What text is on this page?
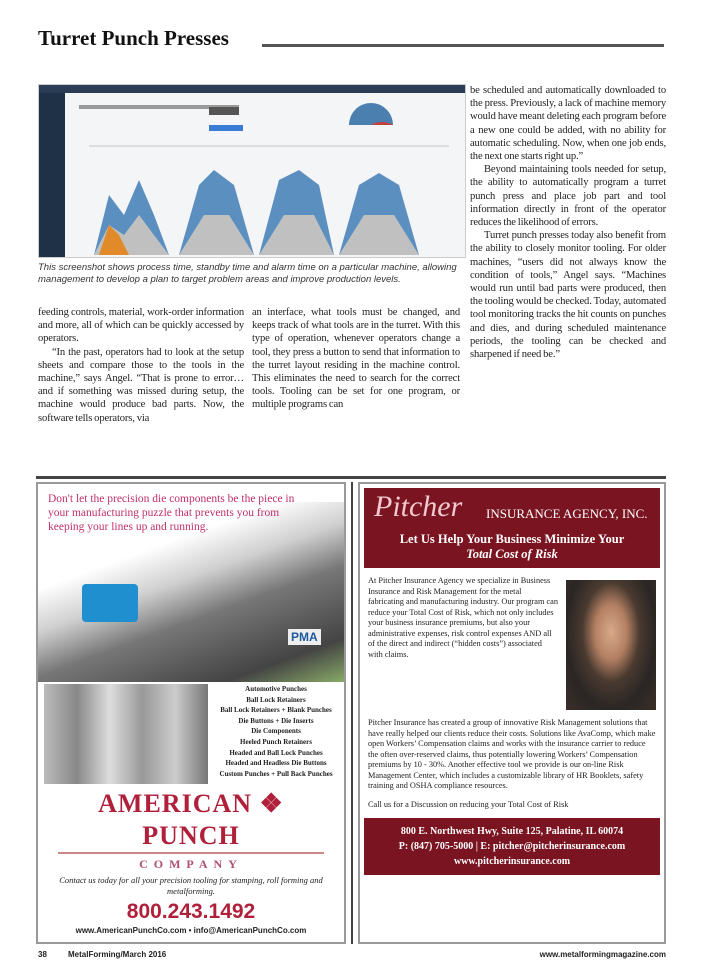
Turret Punch Presses
This screenshot shows process time, standby time and alarm time on a particular machine, allowing management to develop a plan to target problem areas and improve production levels.

feeding controls, material, work-order information and more, all of which can be quickly accessed by operators.

“In the past, operators had to look at the setup sheets and compare those to the tools in the machine,” says Angel. “That is prone to error…and if something was missed during setup, the machine would produce bad parts. Now, the software tells operators, via

an interface, what tools must be changed, and keeps track of what tools are in the turret. With this type of operation, whenever operators change a tool, they press a button to send that information to the turret layout residing in the machine control. This eliminates the need to search for the correct tools. Tooling can be set for one program, or multiple programs can

be scheduled and automatically downloaded to the press. Previously, a lack of machine memory would have meant deleting each program before a new one could be added, with no ability for automatic scheduling. Now, when one job ends, the next one starts right up.”

Beyond maintaining tools needed for setup, the ability to automatically program a turret punch press and place job part and tool information directly in front of the operator reduces the likelihood of errors.

Turret punch presses today also benefit from the ability to closely monitor tooling. For older machines, “users did not always know the condition of tools,” Angel says. “Machines would run until bad parts were produced, then the tooling would be checked. Today, automated tool monitoring tracks the hit counts on punches and dies, and during scheduled maintenance periods, the tooling can be checked and sharpened if need be.”

Don't let the precision die components be the piece in your manufacturing puzzle that prevents you from keeping your lines up and running.
PMA
Automotive Punches
Ball Lock Retainers
Ball Lock Retainers + Blank Punches
Die Buttons + Die Inserts
Die Components
Heeled Punch Retainers
Headed and Ball Lock Punches
Headed and Headless Die Buttons
Custom Punches + Pull Back Punches
AMERICAN ❖ PUNCH
COMPANY
Contact us today for all your precision tooling for stamping, roll forming and metalforming.
800.243.1492
www.AmericanPunchCo.com • info@AmericanPunchCo.com
Pitcher INSURANCE AGENCY, INC.
Let Us Help Your Business Minimize Your
Total Cost of Risk
At Pitcher Insurance Agency we specialize in Business Insurance and Risk Management for the metal fabricating and manufacturing industry. Our program can reduce your Total Cost of Risk, which not only includes your business insurance premiums, but also your administrative expenses, risk control expenses AND all of the direct and indirect (“hidden costs”) associated with claims.
Pitcher Insurance has created a group of innovative Risk Management solutions that have really helped our clients reduce their costs. Solutions like AvaComp, which make open Workers’ Compensation claims and works with the insurance carrier to reduce the often over-reserved claims, thus potentially lowering Workers’ Compensation premiums by 10 - 30%. Another effective tool we provide is our on-line Risk Management Center, which includes a customizable library of HR Booklets, safety training and OSHA compliance resources.
Call us for a Discussion on reducing your Total Cost of Risk
800 E. Northwest Hwy, Suite 125, Palatine, IL 60074
P: (847) 705-5000 | E: pitcher@pitcherinsurance.com
www.pitcherinsurance.com
38	MetalForming/March 2016	www.metalformingmagazine.com
